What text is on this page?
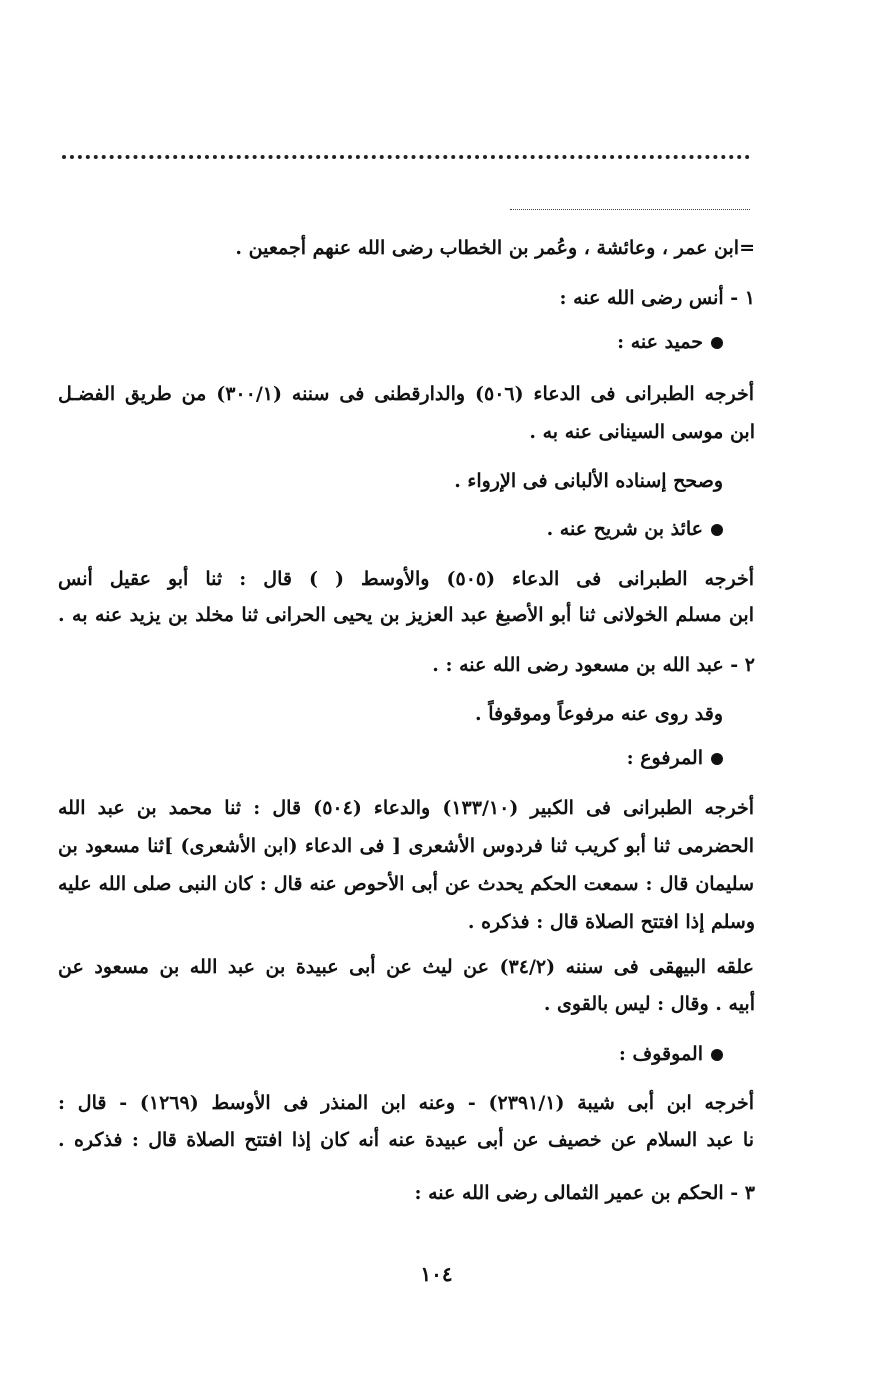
=ابن عمر ، وعائشة ، وعُمر بن الخطاب رضى الله عنهم أجمعين .
١ - أنس رضى الله عنه :
حميد عنه :
أخرجه الطبرانى فى الدعاء (٥٠٦) والدارقطنى فى سننه (٣٠٠/١) من طريق الفضـل
ابن موسى السينانى عنه به .
وصحح إسناده الألبانى فى الإرواء .
عائذ بن شريح عنه .
أخرجه الطبرانى فى الدعاء (٥٠٥) والأوسط ( ) قال : ثنا أبو عقيل أنس
ابن مسلم الخولانى ثنا أبو الأصبغ عبد العزيز بن يحيى الحرانى ثنا مخلد بن يزيد عنه به .
٢ - عبد الله بن مسعود رضى الله عنه : .
وقد روى عنه مرفوعاً وموقوفاً .
المرفوع :
أخرجه الطبرانى فى الكبير (١٣٣/١٠) والدعاء (٥٠٤) قال : ثنا محمد بن عبد الله
الحضرمى ثنا أبو كريب ثنا فردوس الأشعرى [ فى الدعاء (ابن الأشعرى) ]ثنا مسعود بن
سليمان قال : سمعت الحكم يحدث عن أبى الأحوص عنه قال : كان النبى صلى الله عليه
وسلم إذا افتتح الصلاة قال : فذكره .
علقه البيهقى فى سننه (٣٤/٢) عن ليث عن أبى عبيدة بن عبد الله بن مسعود عن
أبيه . وقال : ليس بالقوى .
الموقوف :
أخرجه ابن أبى شيبة (٢٣٩١/١) - وعنه ابن المنذر فى الأوسط (١٢٦٩) - قال :
نا عبد السلام عن خصيف عن أبى عبيدة عنه أنه كان إذا افتتح الصلاة قال : فذكره .
٣ - الحكم بن عمير الثمالى رضى الله عنه :
١٠٤
